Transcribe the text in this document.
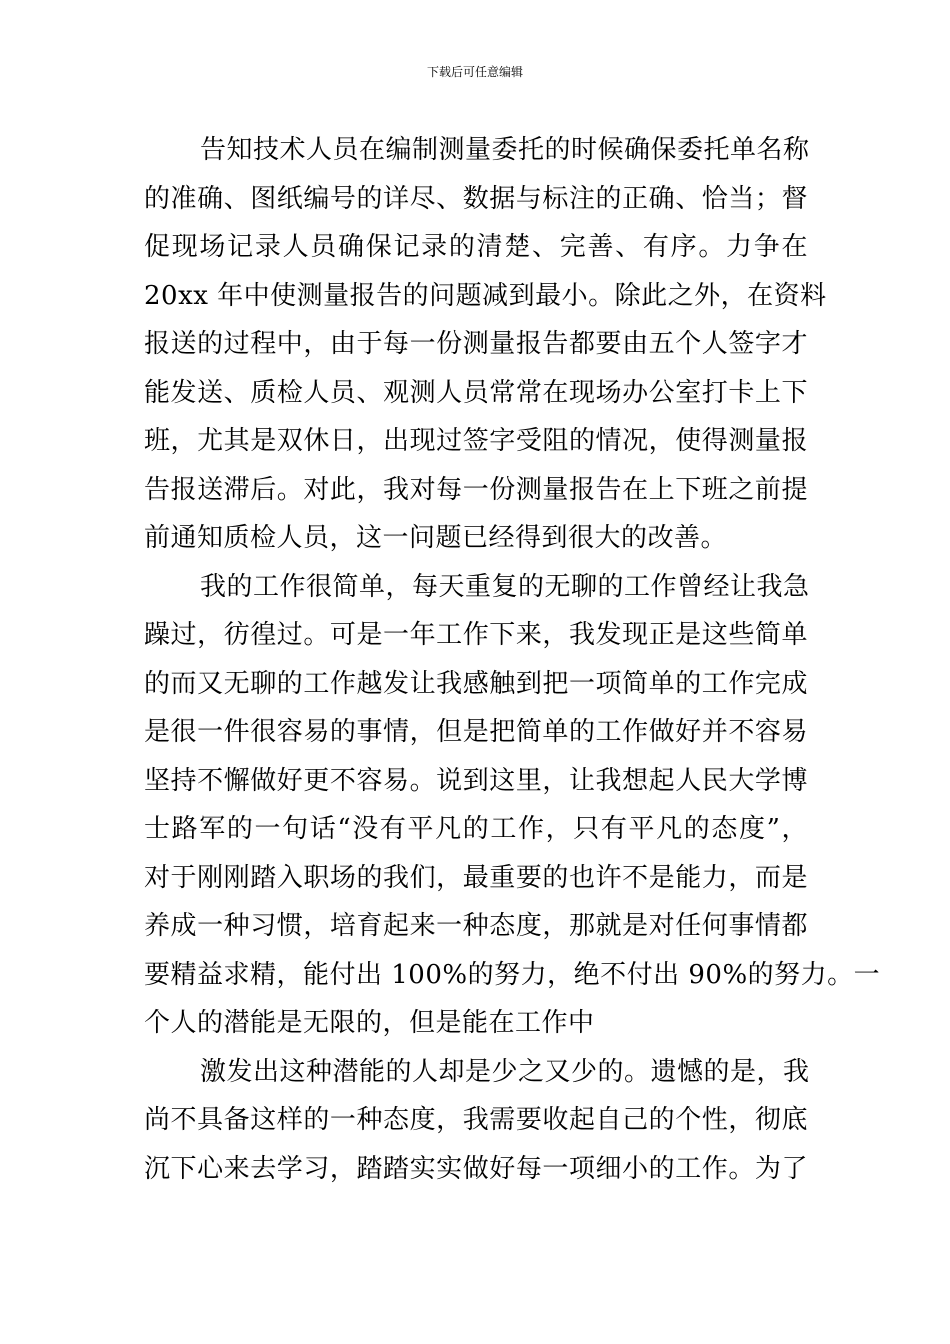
下载后可任意编辑
告知技术人员在编制测量委托的时候确保委托单名称
的准确、图纸编号的详尽、数据与标注的正确、恰当；督
促现场记录人员确保记录的清楚、完善、有序。力争在
20xx 年中使测量报告的问题减到最小。除此之外，在资料
报送的过程中，由于每一份测量报告都要由五个人签字才
能发送、质检人员、观测人员常常在现场办公室打卡上下
班，尤其是双休日，出现过签字受阻的情况，使得测量报
告报送滞后。对此，我对每一份测量报告在上下班之前提
前通知质检人员，这一问题已经得到很大的改善。
我的工作很简单，每天重复的无聊的工作曾经让我急
躁过，彷徨过。可是一年工作下来，我发现正是这些简单
的而又无聊的工作越发让我感触到把一项简单的工作完成
是很一件很容易的事情，但是把简单的工作做好并不容易
坚持不懈做好更不容易。说到这里，让我想起人民大学博
士路军的一句话“没有平凡的工作，只有平凡的态度”，
对于刚刚踏入职场的我们，最重要的也许不是能力，而是
养成一种习惯，培育起来一种态度，那就是对任何事情都
要精益求精，能付出 100%的努力，绝不付出 90%的努力。一
个人的潜能是无限的，但是能在工作中
激发出这种潜能的人却是少之又少的。遗憾的是，我
尚不具备这样的一种态度，我需要收起自己的个性，彻底
沉下心来去学习，踏踏实实做好每一项细小的工作。为了
